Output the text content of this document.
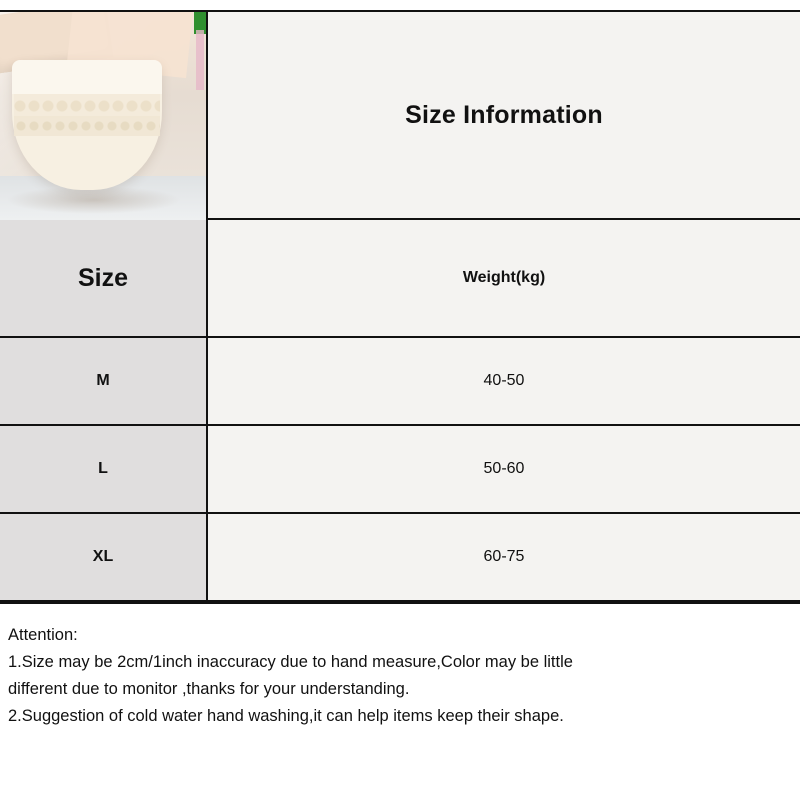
Size Information
Size	Weight(kg)
M	40-50
L	50-60
XL	60-75
Attention:
1.Size may be 2cm/1inch inaccuracy due to hand measure,Color may be little
different due to monitor ,thanks for your understanding.
2.Suggestion of cold water hand washing,it can help items keep their shape.
